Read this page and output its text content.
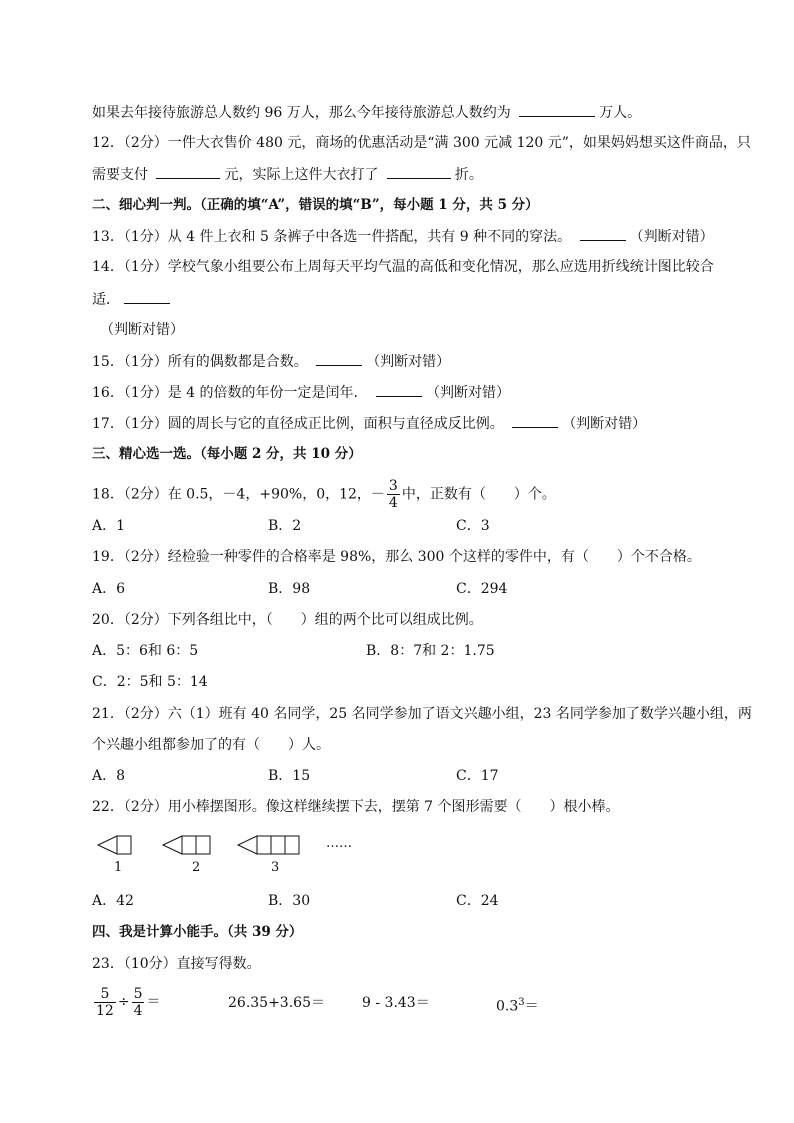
如果去年接待旅游总人数约 96 万人，那么今年接待旅游总人数约为	万人。
12．（2分）一件大衣售价 480 元，商场的优惠活动是“满 300 元减 120 元”，如果妈妈想买这件商品，只
需要支付	元，实际上这件大衣打了	折。
二、细心判一判。（正确的填“A”，错误的填“B”，每小题 1 分，共 5 分）
13．（1分）从 4 件上衣和 5 条裤子中各选一件搭配，共有 9 种不同的穿法。	（判断对错）
14．（1分）学校气象小组要公布上周每天平均气温的高低和变化情况，那么应选用折线统计图比较合
适．
（判断对错）
15．（1分）所有的偶数都是合数。	（判断对错）
16．（1分）是 4 的倍数的年份一定是闰年．	（判断对错）
17．（1分）圆的周长与它的直径成正比例，面积与直径成反比例。	（判断对错）
三、精心选一选。（每小题 2 分，共 10 分）
18．（2分）在 0.5，－4，+90%，0，12，－ $\frac{3}{4}$ 中，正数有（　　）个。
A．1	B．2	C．3
19．（2分）经检验一种零件的合格率是 98%，那么 300 个这样的零件中，有（　　）个不合格。
A．6	B．98	C．294
20．（2分）下列各组比中，（　　）组的两个比可以组成比例。
A．5：6和 6：5	B．8：7和 2：1.75
C．2：5和 5：14
21．（2分）六（1）班有 40 名同学，25 名同学参加了语文兴趣小组，23 名同学参加了数学兴趣小组，两
个兴趣小组都参加了的有（　　）人。
A．8	B．15	C．17
22．（2分）用小棒摆图形。像这样继续摆下去，摆第 7 个图形需要（　　）根小棒。
1	2	3
……
A．42	B．30	C．24
四、我是计算小能手。（共 39 分）
23．（10分）直接写得数。
$\frac{5}{12} \div \frac{5}{4}$ ＝	26.35+3.65＝	9 - 3.43＝	$0.3^3=$
